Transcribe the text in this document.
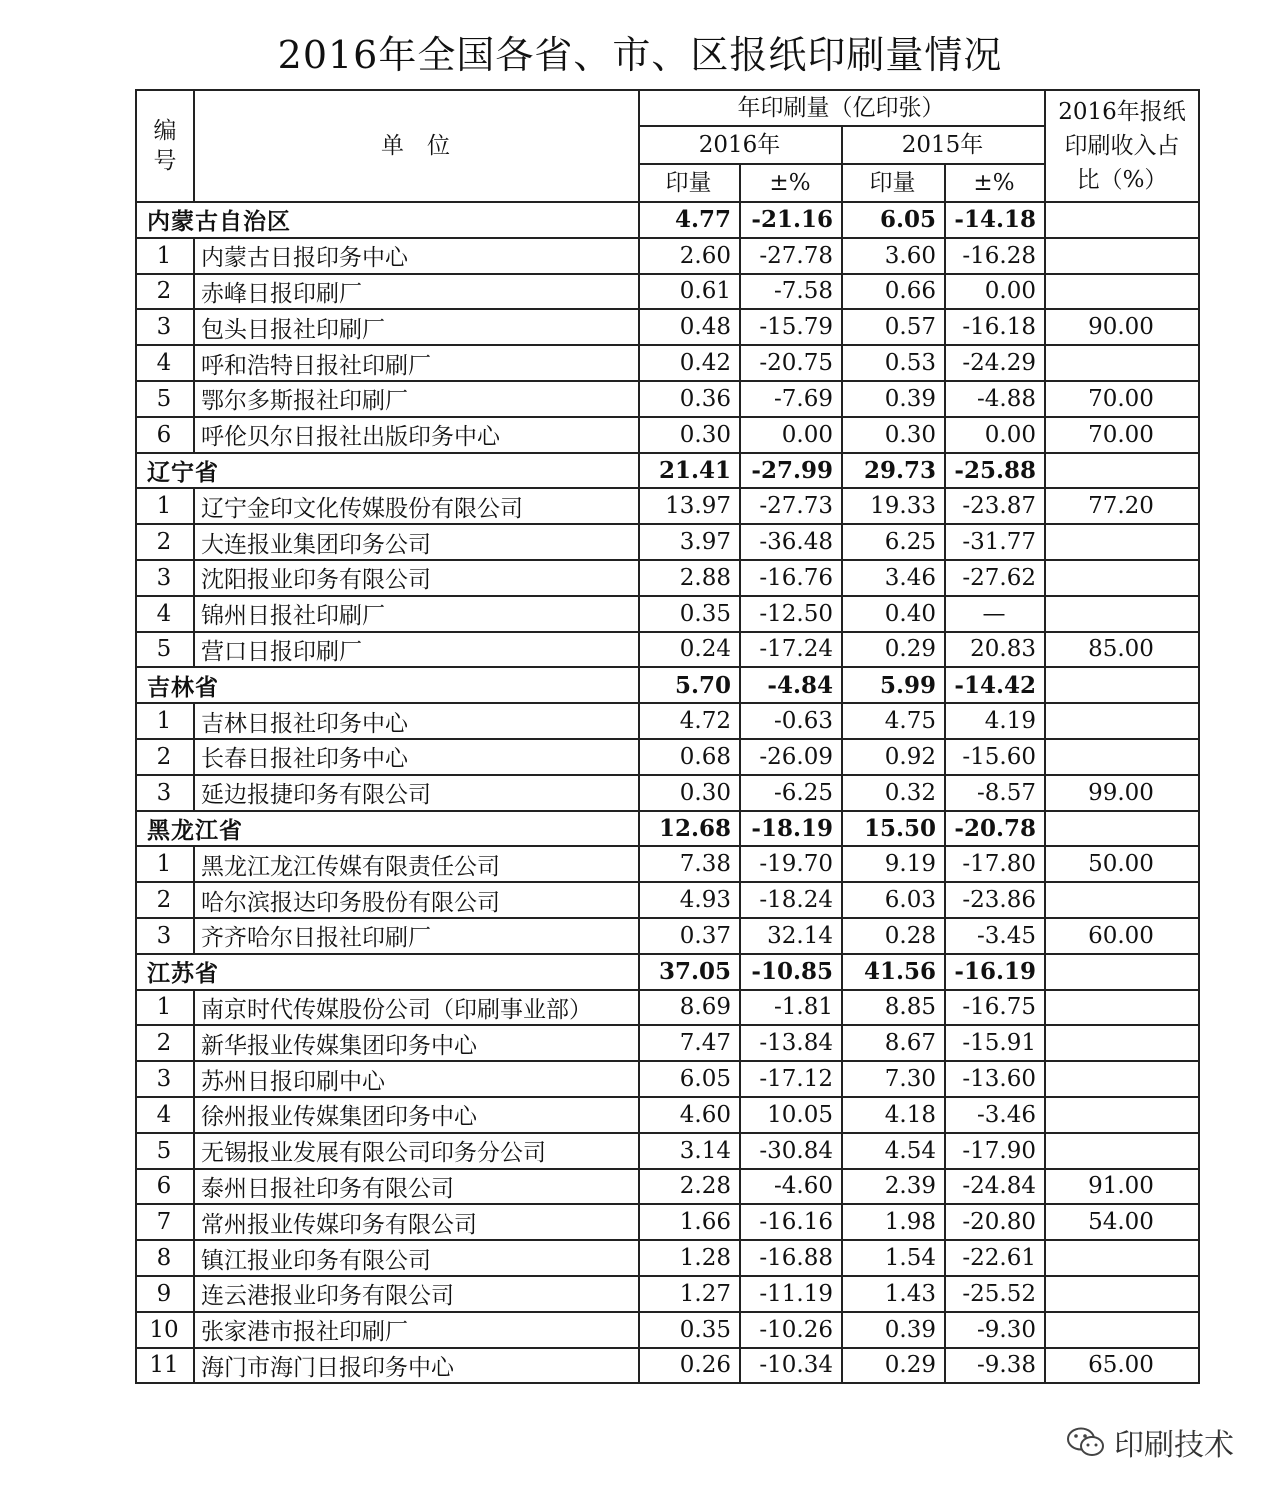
2016年全国各省、市、区报纸印刷量情况
编号	单　位	年印刷量（亿印张）				2016年报纸印刷收入占比（%）
		2016年		2015年		
		印量	±%	印量	±%	
内蒙古自治区		4.77	-21.16	6.05	-14.18	
1	内蒙古日报印务中心	2.60	-27.78	3.60	-16.28	
2	赤峰日报印刷厂	0.61	-7.58	0.66	0.00	
3	包头日报社印刷厂	0.48	-15.79	0.57	-16.18	90.00
4	呼和浩特日报社印刷厂	0.42	-20.75	0.53	-24.29	
5	鄂尔多斯报社印刷厂	0.36	-7.69	0.39	-4.88	70.00
6	呼伦贝尔日报社出版印务中心	0.30	0.00	0.30	0.00	70.00
辽宁省		21.41	-27.99	29.73	-25.88	
1	辽宁金印文化传媒股份有限公司	13.97	-27.73	19.33	-23.87	77.20
2	大连报业集团印务公司	3.97	-36.48	6.25	-31.77	
3	沈阳报业印务有限公司	2.88	-16.76	3.46	-27.62	
4	锦州日报社印刷厂	0.35	-12.50	0.40	—	
5	营口日报印刷厂	0.24	-17.24	0.29	20.83	85.00
吉林省		5.70	-4.84	5.99	-14.42	
1	吉林日报社印务中心	4.72	-0.63	4.75	4.19	
2	长春日报社印务中心	0.68	-26.09	0.92	-15.60	
3	延边报捷印务有限公司	0.30	-6.25	0.32	-8.57	99.00
黑龙江省		12.68	-18.19	15.50	-20.78	
1	黑龙江龙江传媒有限责任公司	7.38	-19.70	9.19	-17.80	50.00
2	哈尔滨报达印务股份有限公司	4.93	-18.24	6.03	-23.86	
3	齐齐哈尔日报社印刷厂	0.37	32.14	0.28	-3.45	60.00
江苏省		37.05	-10.85	41.56	-16.19	
1	南京时代传媒股份公司（印刷事业部）	8.69	-1.81	8.85	-16.75	
2	新华报业传媒集团印务中心	7.47	-13.84	8.67	-15.91	
3	苏州日报印刷中心	6.05	-17.12	7.30	-13.60	
4	徐州报业传媒集团印务中心	4.60	10.05	4.18	-3.46	
5	无锡报业发展有限公司印务分公司	3.14	-30.84	4.54	-17.90	
6	泰州日报社印务有限公司	2.28	-4.60	2.39	-24.84	91.00
7	常州报业传媒印务有限公司	1.66	-16.16	1.98	-20.80	54.00
8	镇江报业印务有限公司	1.28	-16.88	1.54	-22.61	
9	连云港报业印务有限公司	1.27	-11.19	1.43	-25.52	
10	张家港市报社印刷厂	0.35	-10.26	0.39	-9.30	
11	海门市海门日报印务中心	0.26	-10.34	0.29	-9.38	65.00
印刷技术
